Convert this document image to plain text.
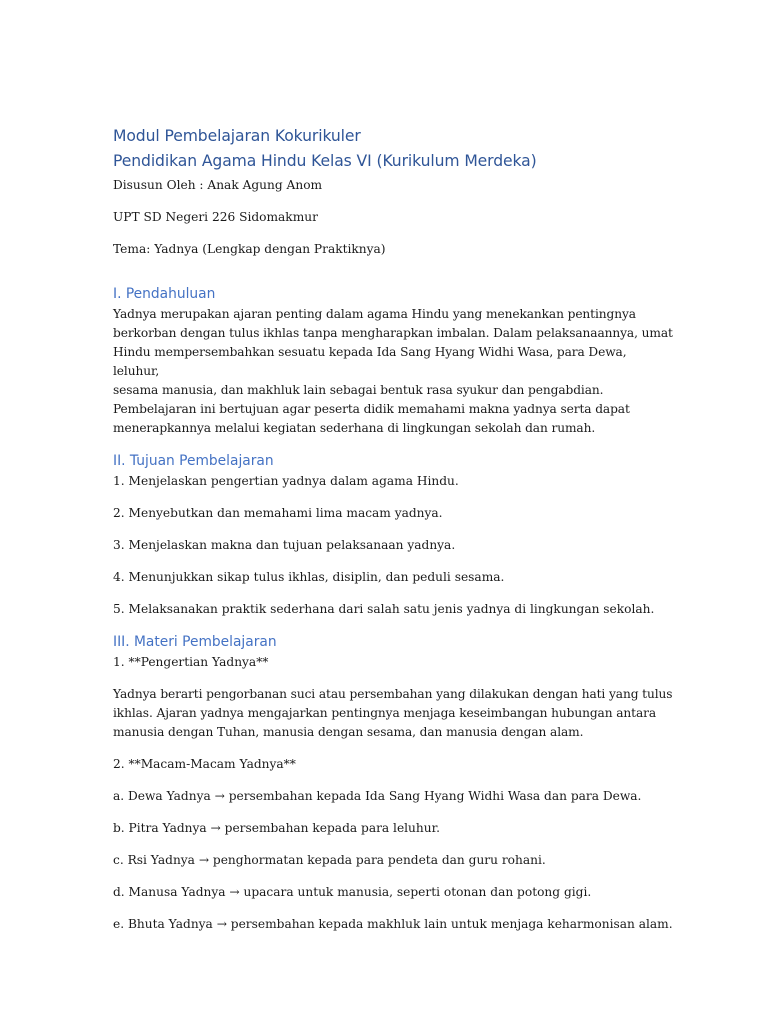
Modul Pembelajaran Kokurikuler
Pendidikan Agama Hindu Kelas VI (Kurikulum Merdeka)

Disusun Oleh : Anak Agung Anom

UPT SD Negeri 226 Sidomakmur

Tema: Yadnya (Lengkap dengan Praktiknya)

I. Pendahuluan

Yadnya merupakan ajaran penting dalam agama Hindu yang menekankan pentingnya

berkorban dengan tulus ikhlas tanpa mengharapkan imbalan. Dalam pelaksanaannya, umat

Hindu mempersembahkan sesuatu kepada Ida Sang Hyang Widhi Wasa, para Dewa, leluhur,

sesama manusia, dan makhluk lain sebagai bentuk rasa syukur dan pengabdian.

Pembelajaran ini bertujuan agar peserta didik memahami makna yadnya serta dapat

menerapkannya melalui kegiatan sederhana di lingkungan sekolah dan rumah.

II. Tujuan Pembelajaran

1. Menjelaskan pengertian yadnya dalam agama Hindu.

2. Menyebutkan dan memahami lima macam yadnya.

3. Menjelaskan makna dan tujuan pelaksanaan yadnya.

4. Menunjukkan sikap tulus ikhlas, disiplin, dan peduli sesama.

5. Melaksanakan praktik sederhana dari salah satu jenis yadnya di lingkungan sekolah.

III. Materi Pembelajaran

1. **Pengertian Yadnya**

Yadnya berarti pengorbanan suci atau persembahan yang dilakukan dengan hati yang tulus

ikhlas. Ajaran yadnya mengajarkan pentingnya menjaga keseimbangan hubungan antara

manusia dengan Tuhan, manusia dengan sesama, dan manusia dengan alam.

2. **Macam-Macam Yadnya**

a. Dewa Yadnya → persembahan kepada Ida Sang Hyang Widhi Wasa dan para Dewa.

b. Pitra Yadnya → persembahan kepada para leluhur.

c. Rsi Yadnya → penghormatan kepada para pendeta dan guru rohani.

d. Manusa Yadnya → upacara untuk manusia, seperti otonan dan potong gigi.

e. Bhuta Yadnya → persembahan kepada makhluk lain untuk menjaga keharmonisan alam.
